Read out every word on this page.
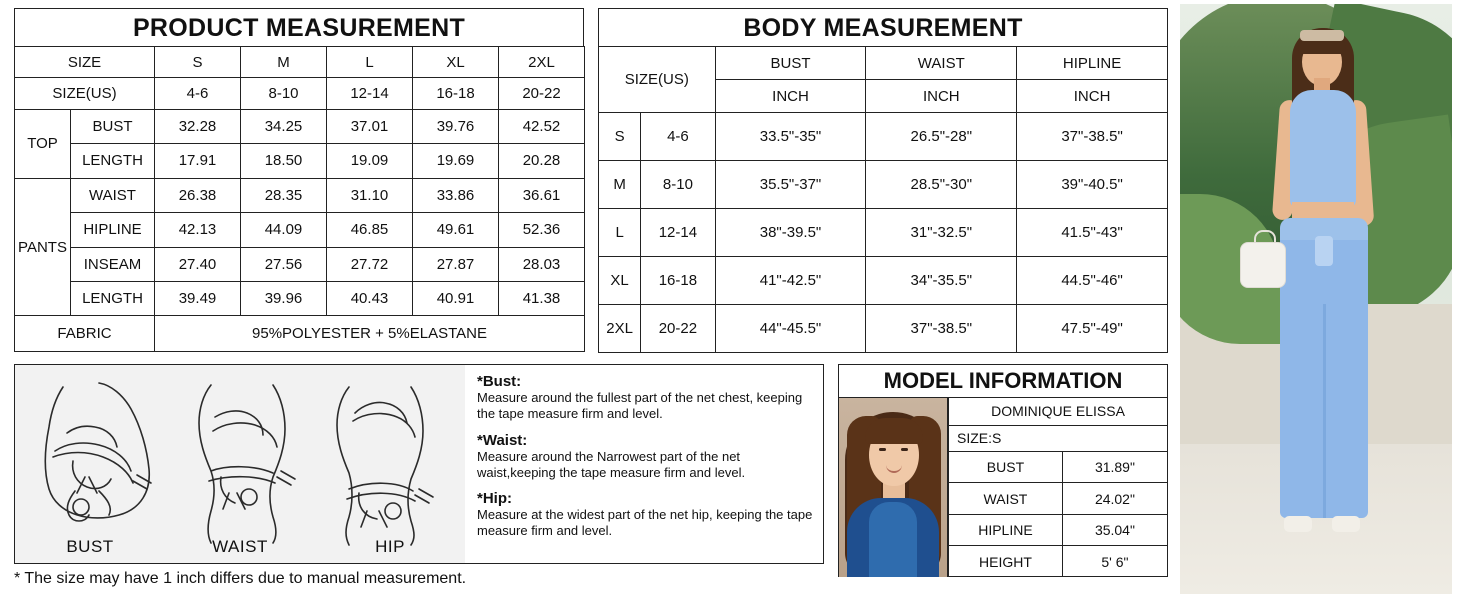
PRODUCT MEASUREMENT
SIZE		S	M	L	XL	2XL
SIZE(US)		4-6	8-10	12-14	16-18	20-22
TOP	BUST	32.28	34.25	37.01	39.76	42.52
	LENGTH	17.91	18.50	19.09	19.69	20.28
PANTS	WAIST	26.38	28.35	31.10	33.86	36.61
	HIPLINE	42.13	44.09	46.85	49.61	52.36
	INSEAM	27.40	27.56	27.72	27.87	28.03
	LENGTH	39.49	39.96	40.43	40.91	41.38
FABRIC		95%POLYESTER + 5%ELASTANE				
BODY MEASUREMENT
SIZE(US)		BUST	WAIST	HIPLINE
		INCH	INCH	INCH
S	4-6	33.5"-35"	26.5"-28"	37"-38.5"
M	8-10	35.5"-37"	28.5"-30"	39"-40.5"
L	12-14	38"-39.5"	31"-32.5"	41.5"-43"
XL	16-18	41"-42.5"	34"-35.5"	44.5"-46"
2XL	20-22	44"-45.5"	37"-38.5"	47.5"-49"
BUST	WAIST	HIP
*Bust:
Measure around the fullest part of the net chest, keeping the tape measure firm and level.
*Waist:
Measure around the Narrowest part of the net waist,keeping the tape measure firm and level.
*Hip:
Measure at the widest part of the net hip, keeping the tape measure firm and level.
* The size may have 1 inch differs due to manual measurement.
MODEL INFORMATION
DOMINIQUE ELISSA	
SIZE:S	
BUST	31.89"
WAIST	24.02"
HIPLINE	35.04"
HEIGHT	5' 6"
